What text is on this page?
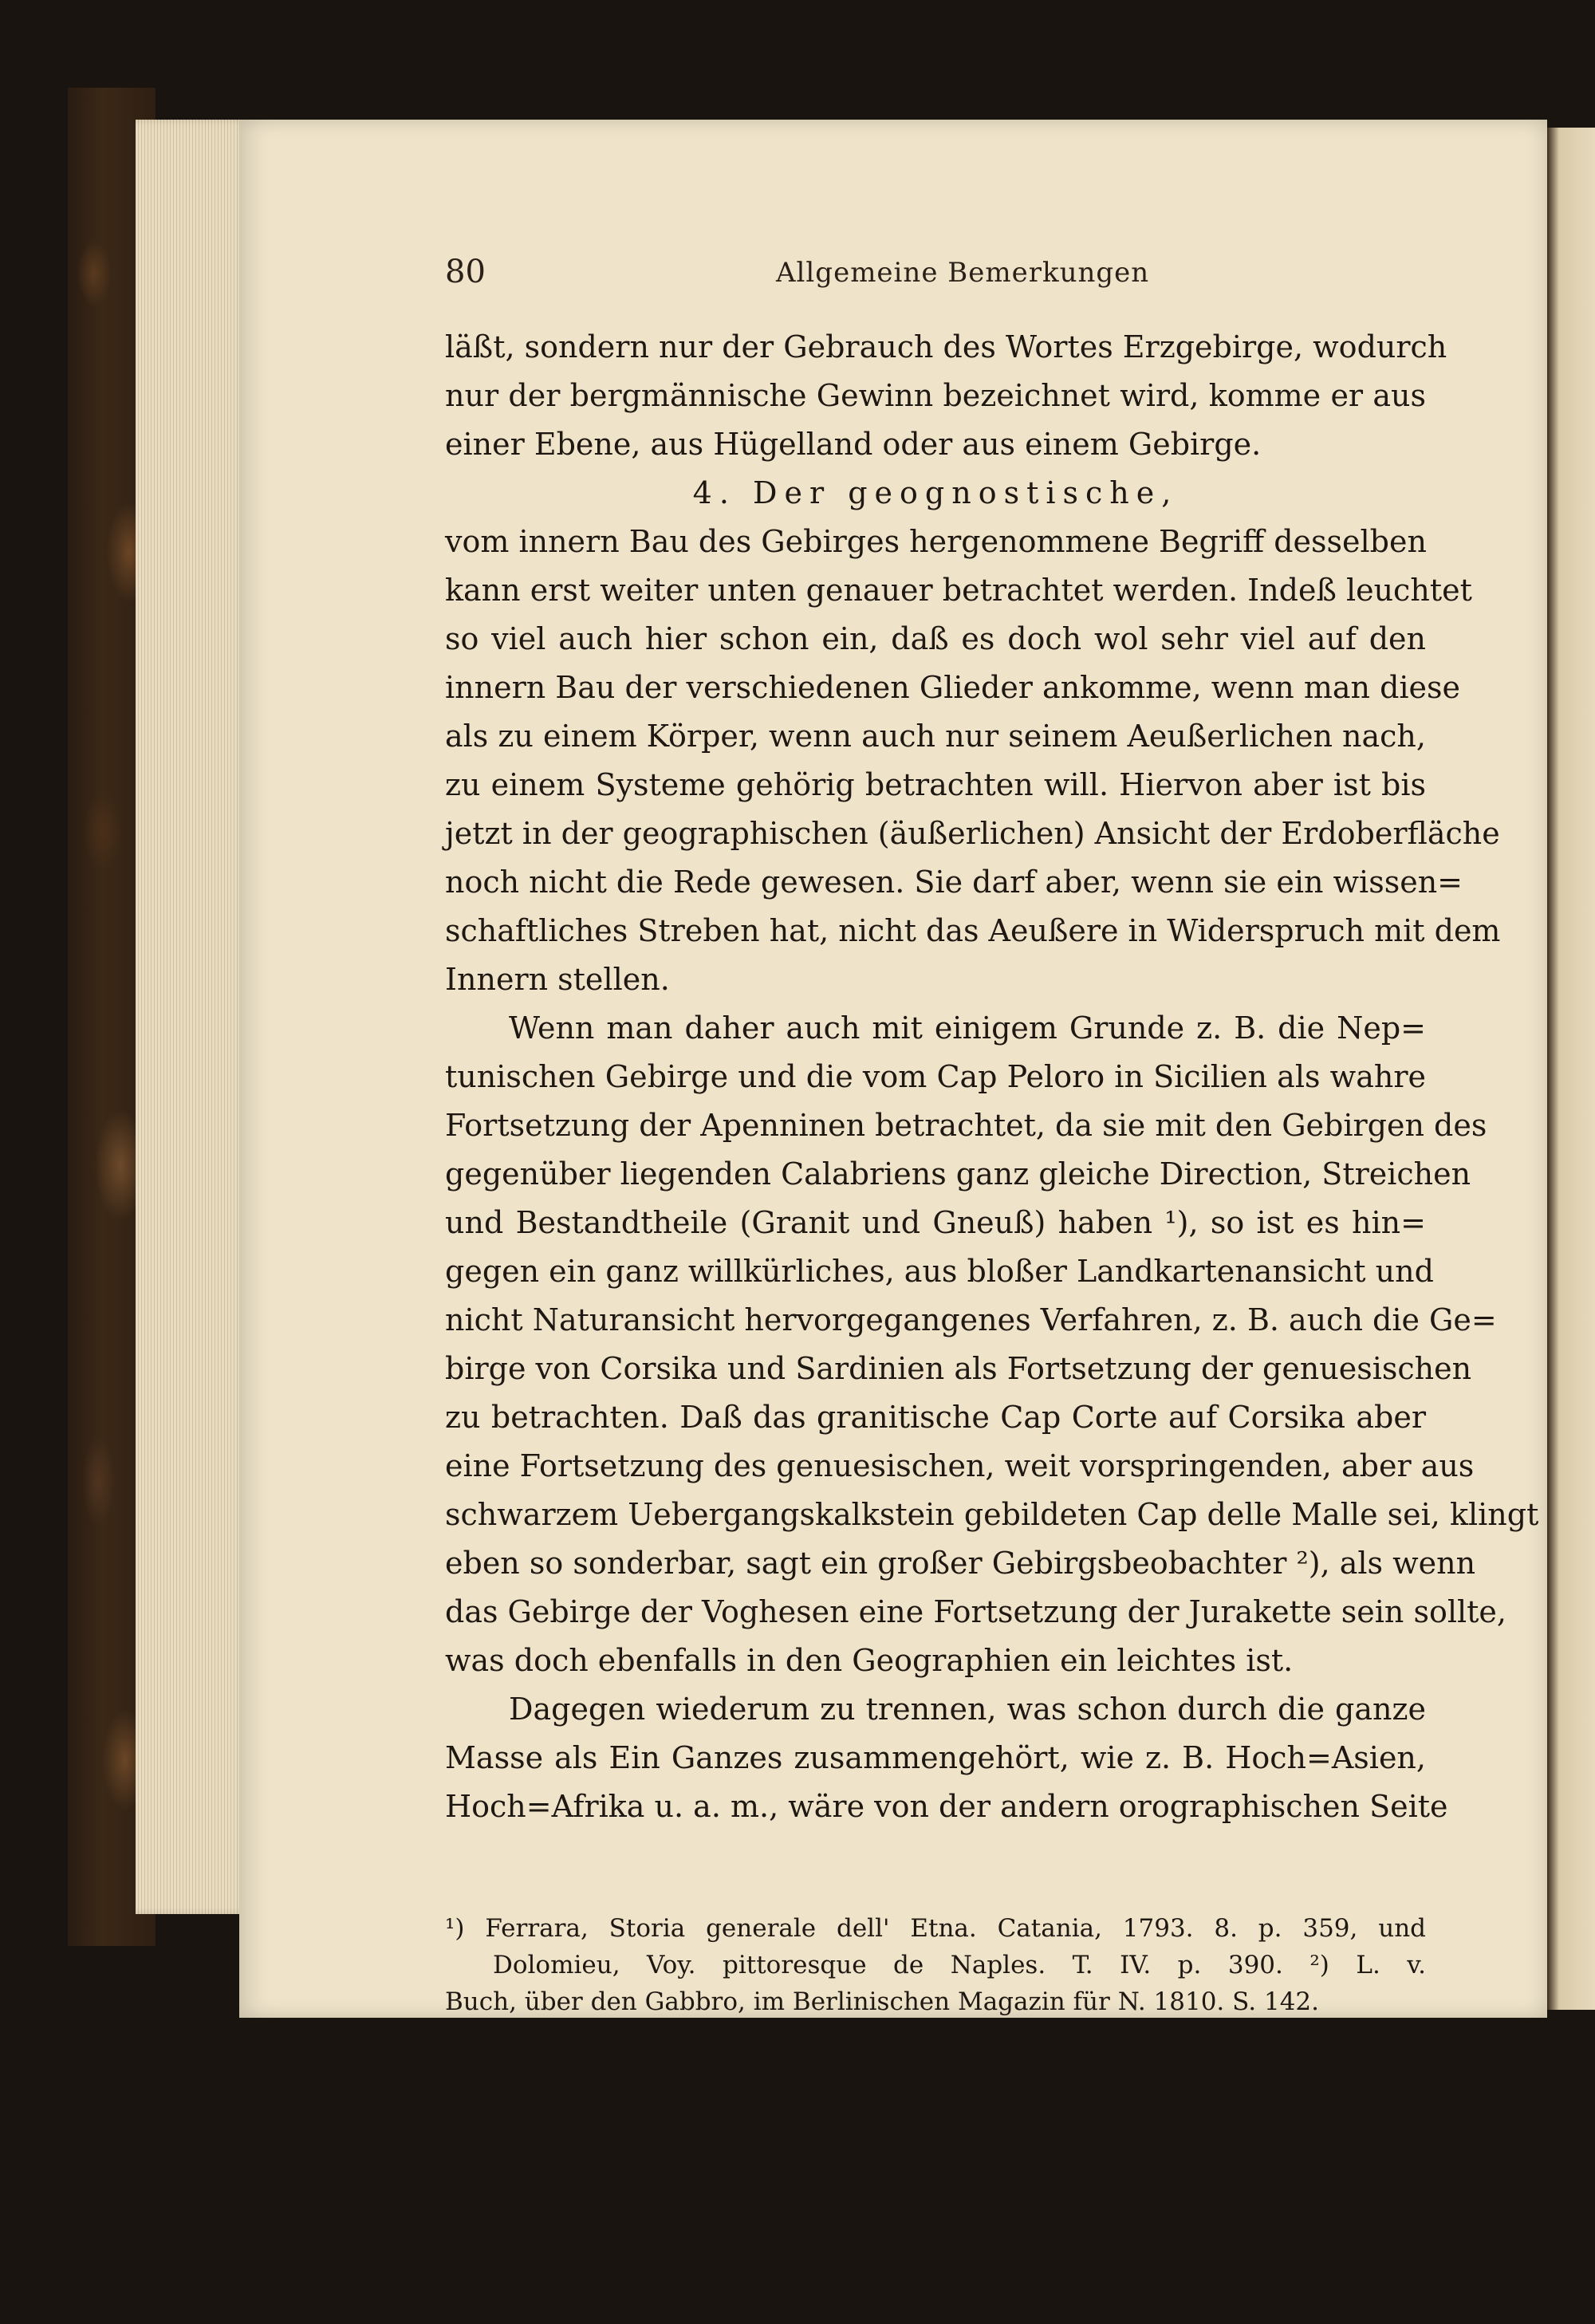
80	Allgemeine Bemerkungen
läßt, sondern nur der Gebrauch des Wortes Erzgebirge, wodurch
nur der bergmännische Gewinn bezeichnet wird, komme er aus
einer Ebene, aus Hügelland oder aus einem Gebirge.
4. Der geognostische,
vom innern Bau des Gebirges hergenommene Begriff desselben
kann erst weiter unten genauer betrachtet werden. Indeß leuchtet
so viel auch hier schon ein, daß es doch wol sehr viel auf den
innern Bau der verschiedenen Glieder ankomme, wenn man diese
als zu einem Körper, wenn auch nur seinem Aeußerlichen nach,
zu einem Systeme gehörig betrachten will. Hiervon aber ist bis
jetzt in der geographischen (äußerlichen) Ansicht der Erdoberfläche
noch nicht die Rede gewesen. Sie darf aber, wenn sie ein wissen=
schaftliches Streben hat, nicht das Aeußere in Widerspruch mit dem
Innern stellen.
Wenn man daher auch mit einigem Grunde z. B. die Nep=
tunischen Gebirge und die vom Cap Peloro in Sicilien als wahre
Fortsetzung der Apenninen betrachtet, da sie mit den Gebirgen des
gegenüber liegenden Calabriens ganz gleiche Direction, Streichen
und Bestandtheile (Granit und Gneuß) haben ¹), so ist es hin=
gegen ein ganz willkürliches, aus bloßer Landkartenansicht und
nicht Naturansicht hervorgegangenes Verfahren, z. B. auch die Ge=
birge von Corsika und Sardinien als Fortsetzung der genuesischen
zu betrachten. Daß das granitische Cap Corte auf Corsika aber
eine Fortsetzung des genuesischen, weit vorspringenden, aber aus
schwarzem Uebergangskalkstein gebildeten Cap delle Malle sei, klingt
eben so sonderbar, sagt ein großer Gebirgsbeobachter ²), als wenn
das Gebirge der Voghesen eine Fortsetzung der Jurakette sein sollte,
was doch ebenfalls in den Geographien ein leichtes ist.
Dagegen wiederum zu trennen, was schon durch die ganze
Masse als Ein Ganzes zusammengehört, wie z. B. Hoch=Asien,
Hoch=Afrika u. a. m., wäre von der andern orographischen Seite
¹) Ferrara, Storia generale dell' Etna. Catania, 1793. 8. p. 359, und
Dolomieu, Voy. pittoresque de Naples. T. IV. p. 390. ²) L. v.
Buch, über den Gabbro, im Berlinischen Magazin für N. 1810. S. 142.
